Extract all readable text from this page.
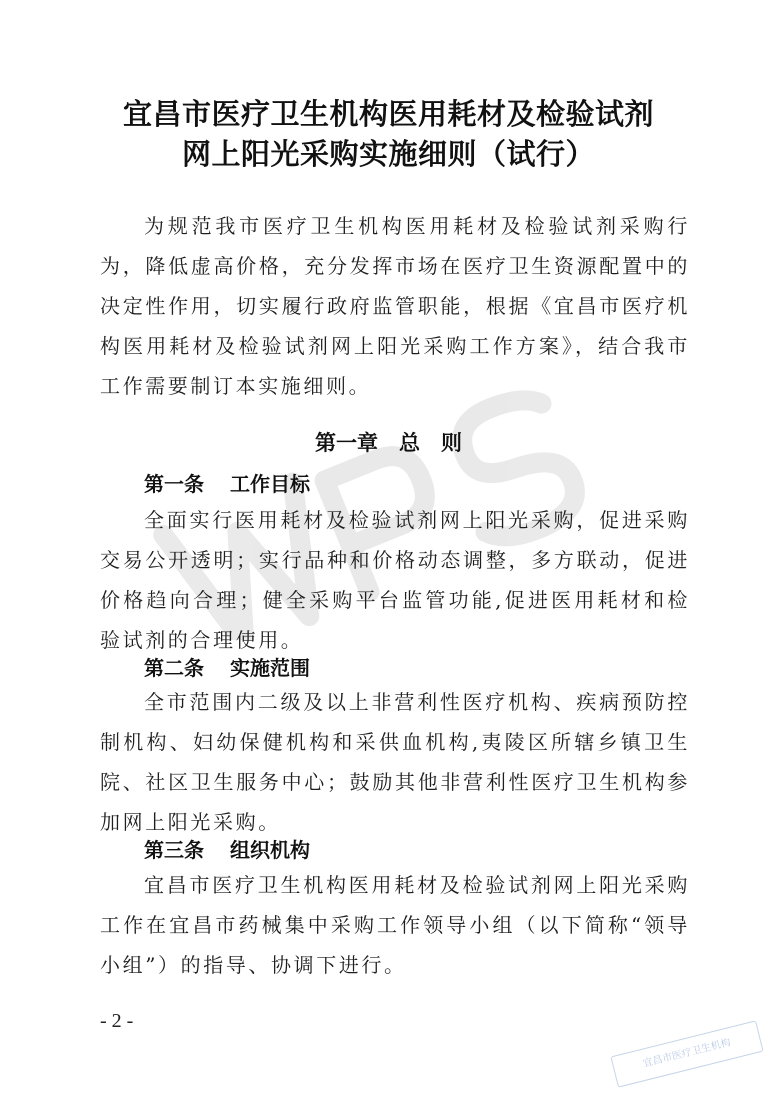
宜昌市医疗卫生机构医用耗材及检验试剂
网上阳光采购实施细则（试行）
为规范我市医疗卫生机构医用耗材及检验试剂采购行为，降低虚高价格，充分发挥市场在医疗卫生资源配置中的决定性作用，切实履行政府监管职能，根据《宜昌市医疗机构医用耗材及检验试剂网上阳光采购工作方案》，结合我市工作需要制订本实施细则。
第一章　总　则
第一条 工作目标
全面实行医用耗材及检验试剂网上阳光采购，促进采购交易公开透明；实行品种和价格动态调整，多方联动，促进价格趋向合理；健全采购平台监管功能,促进医用耗材和检验试剂的合理使用。
第二条 实施范围
全市范围内二级及以上非营利性医疗机构、疾病预防控制机构、妇幼保健机构和采供血机构,夷陵区所辖乡镇卫生院、社区卫生服务中心；鼓励其他非营利性医疗卫生机构参加网上阳光采购。
第三条 组织机构
宜昌市医疗卫生机构医用耗材及检验试剂网上阳光采购工作在宜昌市药械集中采购工作领导小组（以下简称“领导小组”）的指导、协调下进行。
- 2 -
宜昌市医疗卫生机构
